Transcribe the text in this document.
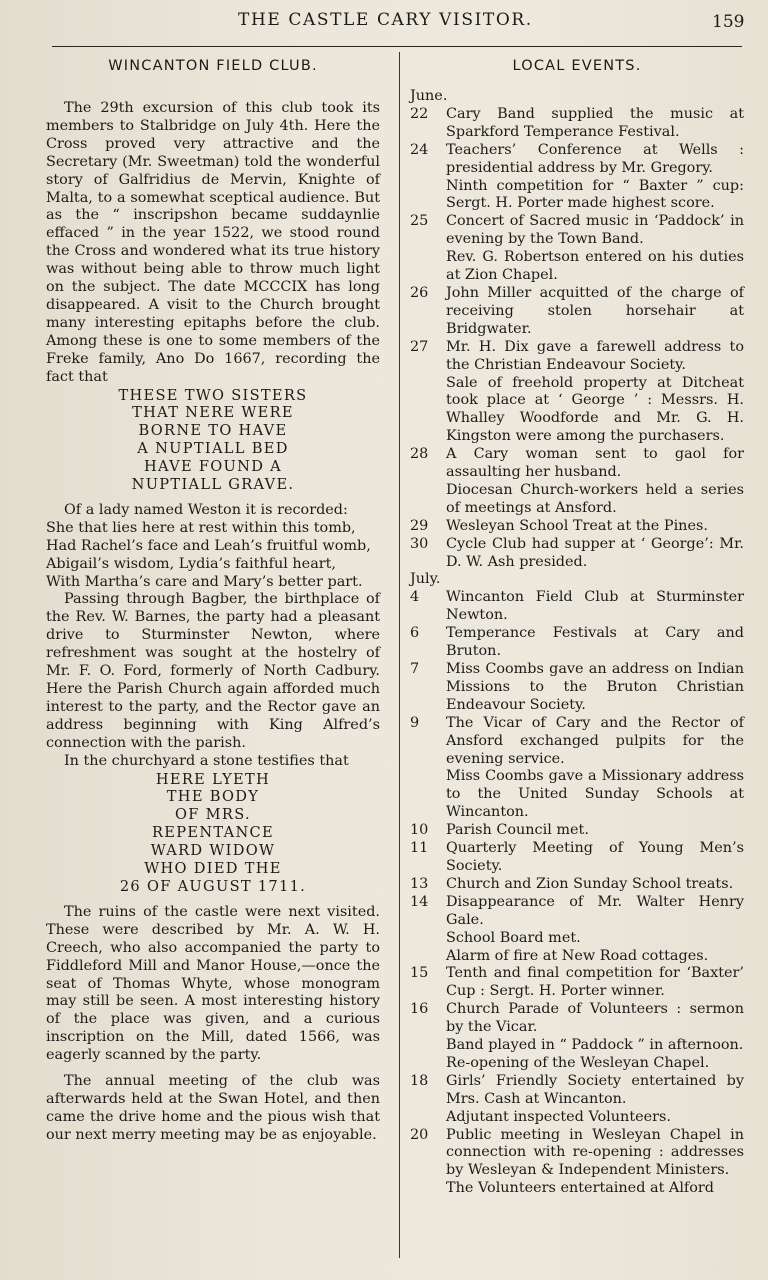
THE CASTLE CARY VISITOR.	159
WINCANTON FIELD CLUB.

The 29th excursion of this club took its members to Stalbridge on July 4th. Here the Cross proved very attractive and the Secretary (Mr. Sweetman) told the wonderful story of Galfridius de Mervin, Knighte of Malta, to a somewhat sceptical audience. But as the “ inscripshon became suddaynlie effaced ” in the year 1522, we stood round the Cross and wondered what its true history was without being able to throw much light on the subject. The date MCCCIX has long disappeared. A visit to the Church brought many interesting epitaphs before the club. Among these is one to some members of the Freke family, Ano Do 1667, recording the fact that

THESE TWO SISTERS

THAT NERE WERE

BORNE TO HAVE

A NUPTIALL BED

HAVE FOUND A

NUPTIALL GRAVE.

Of a lady named Weston it is recorded:

She that lies here at rest within this tomb,

Had Rachel’s face and Leah’s fruitful womb,

Abigail’s wisdom, Lydia’s faithful heart,

With Martha’s care and Mary’s better part.

Passing through Bagber, the birthplace of the Rev. W. Barnes, the party had a pleasant drive to Sturminster Newton, where refreshment was sought at the hostelry of Mr. F. O. Ford, formerly of North Cadbury. Here the Parish Church again afforded much interest to the party, and the Rector gave an address beginning with King Alfred’s connection with the parish.

In the churchyard a stone testifies that

HERE LYETH

THE BODY

OF MRS.

REPENTANCE

WARD WIDOW

WHO DIED THE

26 OF AUGUST 1711.

The ruins of the castle were next visited. These were described by Mr. A. W. H. Creech, who also accompanied the party to Fiddleford Mill and Manor House,—once the seat of Thomas Whyte, whose monogram may still be seen. A most interesting history of the place was given, and a curious inscription on the Mill, dated 1566, was eagerly scanned by the party.

The annual meeting of the club was afterwards held at the Swan Hotel, and then came the drive home and the pious wish that our next merry meeting may be as enjoyable.

LOCAL EVENTS.

June.

22	Cary Band supplied the music at Sparkford Temperance Festival.
24	Teachers’ Conference at Wells : presidential address by Mr. Gregory.

Ninth competition for “ Baxter ” cup: Sergt. H. Porter made highest score.

25	Concert of Sacred music in ‘Paddock’ in evening by the Town Band.

Rev. G. Robertson entered on his duties at Zion Chapel.

26	John Miller acquitted of the charge of receiving stolen horsehair at Bridgwater.
27	Mr. H. Dix gave a farewell address to the Christian Endeavour Society.

Sale of freehold property at Ditcheat took place at ‘ George ’ : Messrs. H. Whalley Woodforde and Mr. G. H. Kingston were among the purchasers.

28	A Cary woman sent to gaol for assaulting her husband.

Diocesan Church-workers held a series of meetings at Ansford.

29	Wesleyan School Treat at the Pines.
30	Cycle Club had supper at ‘ George’: Mr. D. W. Ash presided.

July.

4	Wincanton Field Club at Sturminster Newton.
6	Temperance Festivals at Cary and Bruton.
7	Miss Coombs gave an address on Indian Missions to the Bruton Christian Endeavour Society.
9	The Vicar of Cary and the Rector of Ansford exchanged pulpits for the evening service.

Miss Coombs gave a Missionary address to the United Sunday Schools at Wincanton.

10	Parish Council met.
11	Quarterly Meeting of Young Men’s Society.
13	Church and Zion Sunday School treats.
14	Disappearance of Mr. Walter Henry Gale.

School Board met.

Alarm of fire at New Road cottages.

15	Tenth and final competition for ‘Baxter’ Cup : Sergt. H. Porter winner.
16	Church Parade of Volunteers : sermon by the Vicar.

Band played in “ Paddock ” in afternoon.

Re-opening of the Wesleyan Chapel.

18	Girls’ Friendly Society entertained by Mrs. Cash at Wincanton.

Adjutant inspected Volunteers.

20	Public meeting in Wesleyan Chapel in connection with re-opening : addresses by Wesleyan & Independent Ministers.

The Volunteers entertained at Alford
